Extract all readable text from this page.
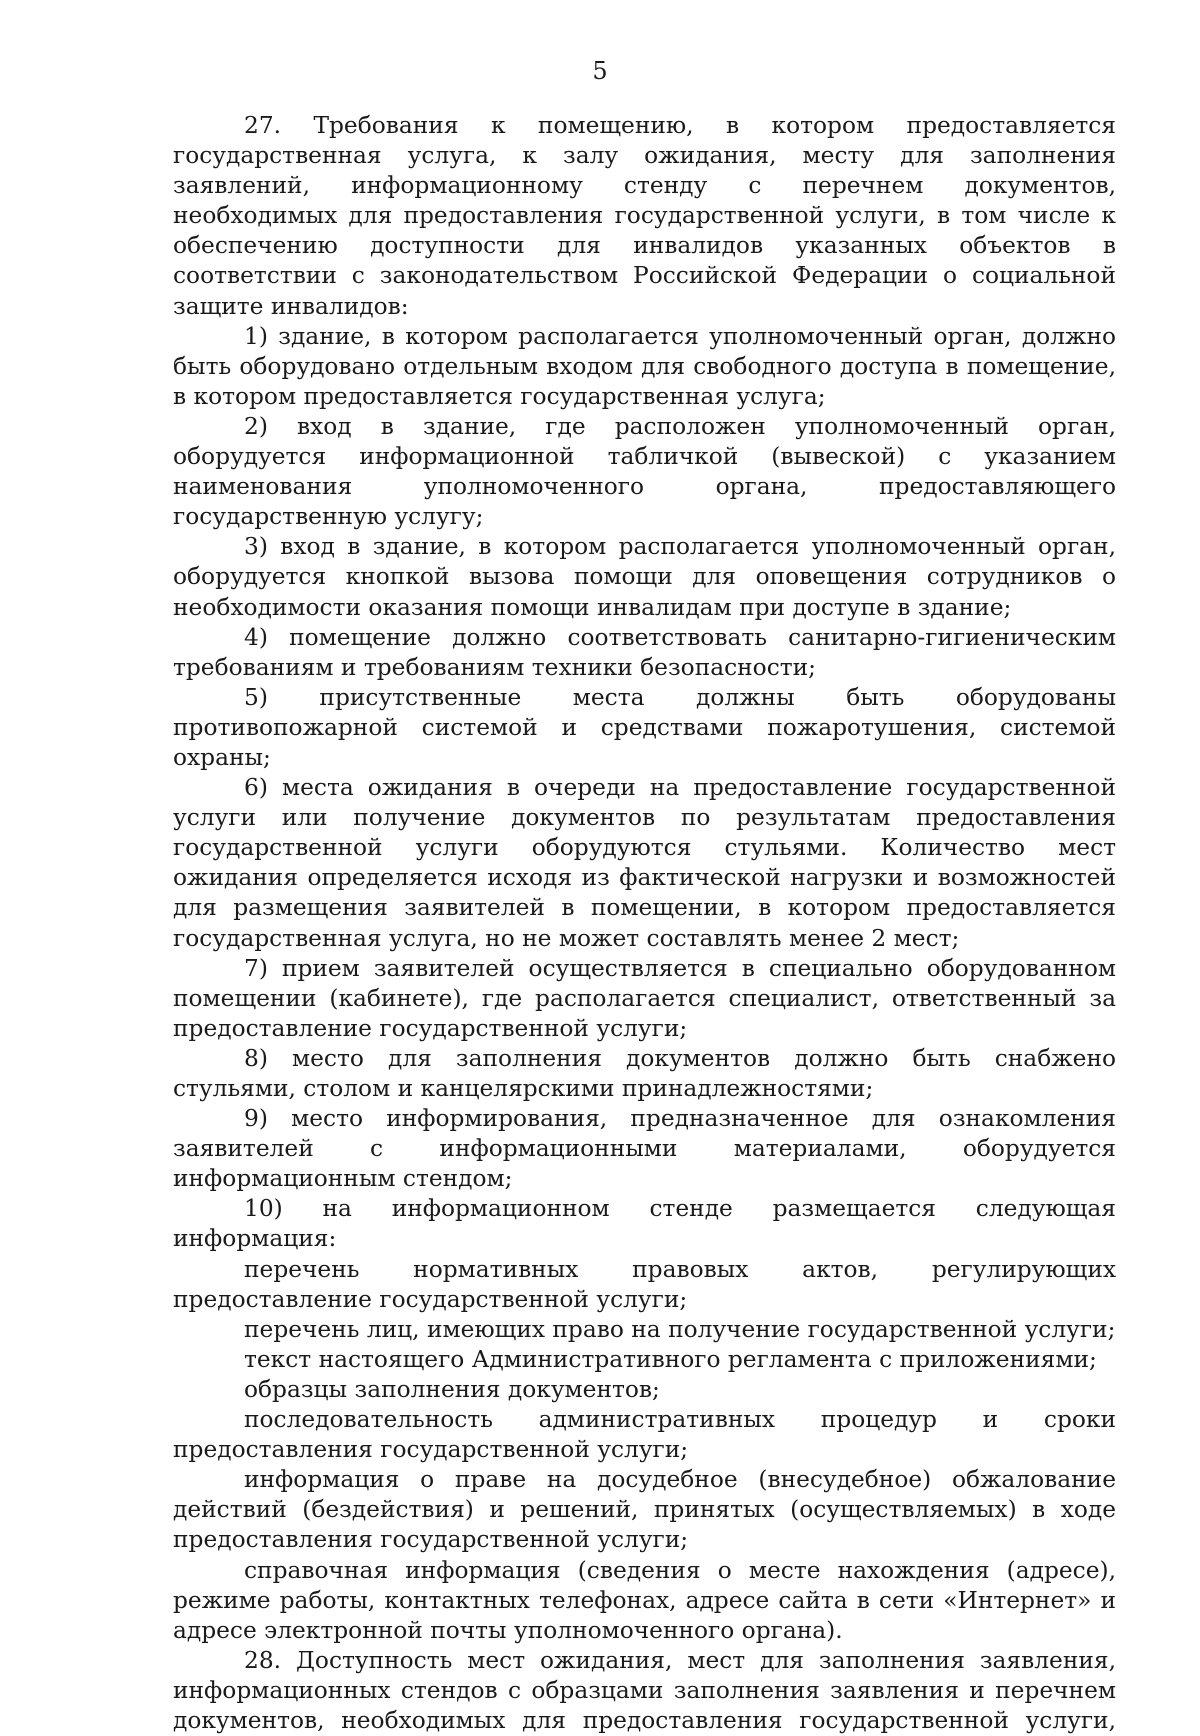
5

27. Требования к помещению, в котором предоставляется государственная услуга, к залу ожидания, месту для заполнения заявлений, информационному стенду с перечнем документов, необходимых для предоставления государственной услуги, в том числе к обеспечению доступности для инвалидов указанных объектов в соответствии с законодательством Российской Федерации о социальной защите инвалидов:

1) здание, в котором располагается уполномоченный орган, должно быть оборудовано отдельным входом для свободного доступа в помещение, в котором предоставляется государственная услуга;

2) вход в здание, где расположен уполномоченный орган, оборудуется информационной табличкой (вывеской) с указанием наименования уполномоченного органа, предоставляющего государственную услугу;

3) вход в здание, в котором располагается уполномоченный орган, оборудуется кнопкой вызова помощи для оповещения сотрудников о необходимости оказания помощи инвалидам при доступе в здание;

4) помещение должно соответствовать санитарно-гигиеническим требованиям и требованиям техники безопасности;

5) присутственные места должны быть оборудованы противопожарной системой и средствами пожаротушения, системой охраны;

6) места ожидания в очереди на предоставление государственной услуги или получение документов по результатам предоставления государственной услуги оборудуются стульями. Количество мест ожидания определяется исходя из фактической нагрузки и возможностей для размещения заявителей в помещении, в котором предоставляется государственная услуга, но не может составлять менее 2 мест;

7) прием заявителей осуществляется в специально оборудованном помещении (кабинете), где располагается специалист, ответственный за предоставление государственной услуги;

8) место для заполнения документов должно быть снабжено стульями, столом и канцелярскими принадлежностями;

9) место информирования, предназначенное для ознакомления заявителей с информационными материалами, оборудуется информационным стендом;

10) на информационном стенде размещается следующая информация:

перечень нормативных правовых актов, регулирующих предоставление государственной услуги;

перечень лиц, имеющих право на получение государственной услуги;

текст настоящего Административного регламента с приложениями;

образцы заполнения документов;

последовательность административных процедур и сроки предоставления государственной услуги;

информация о праве на досудебное (внесудебное) обжалование действий (бездействия) и решений, принятых (осуществляемых) в ходе предоставления государственной услуги;

справочная информация (сведения о месте нахождения (адресе), режиме работы, контактных телефонах, адресе сайта в сети «Интернет» и адресе электронной почты уполномоченного органа).

28. Доступность мест ожидания, мест для заполнения заявления, информационных стендов с образцами заполнения заявления и перечнем документов, необходимых для предоставления государственной услуги,
